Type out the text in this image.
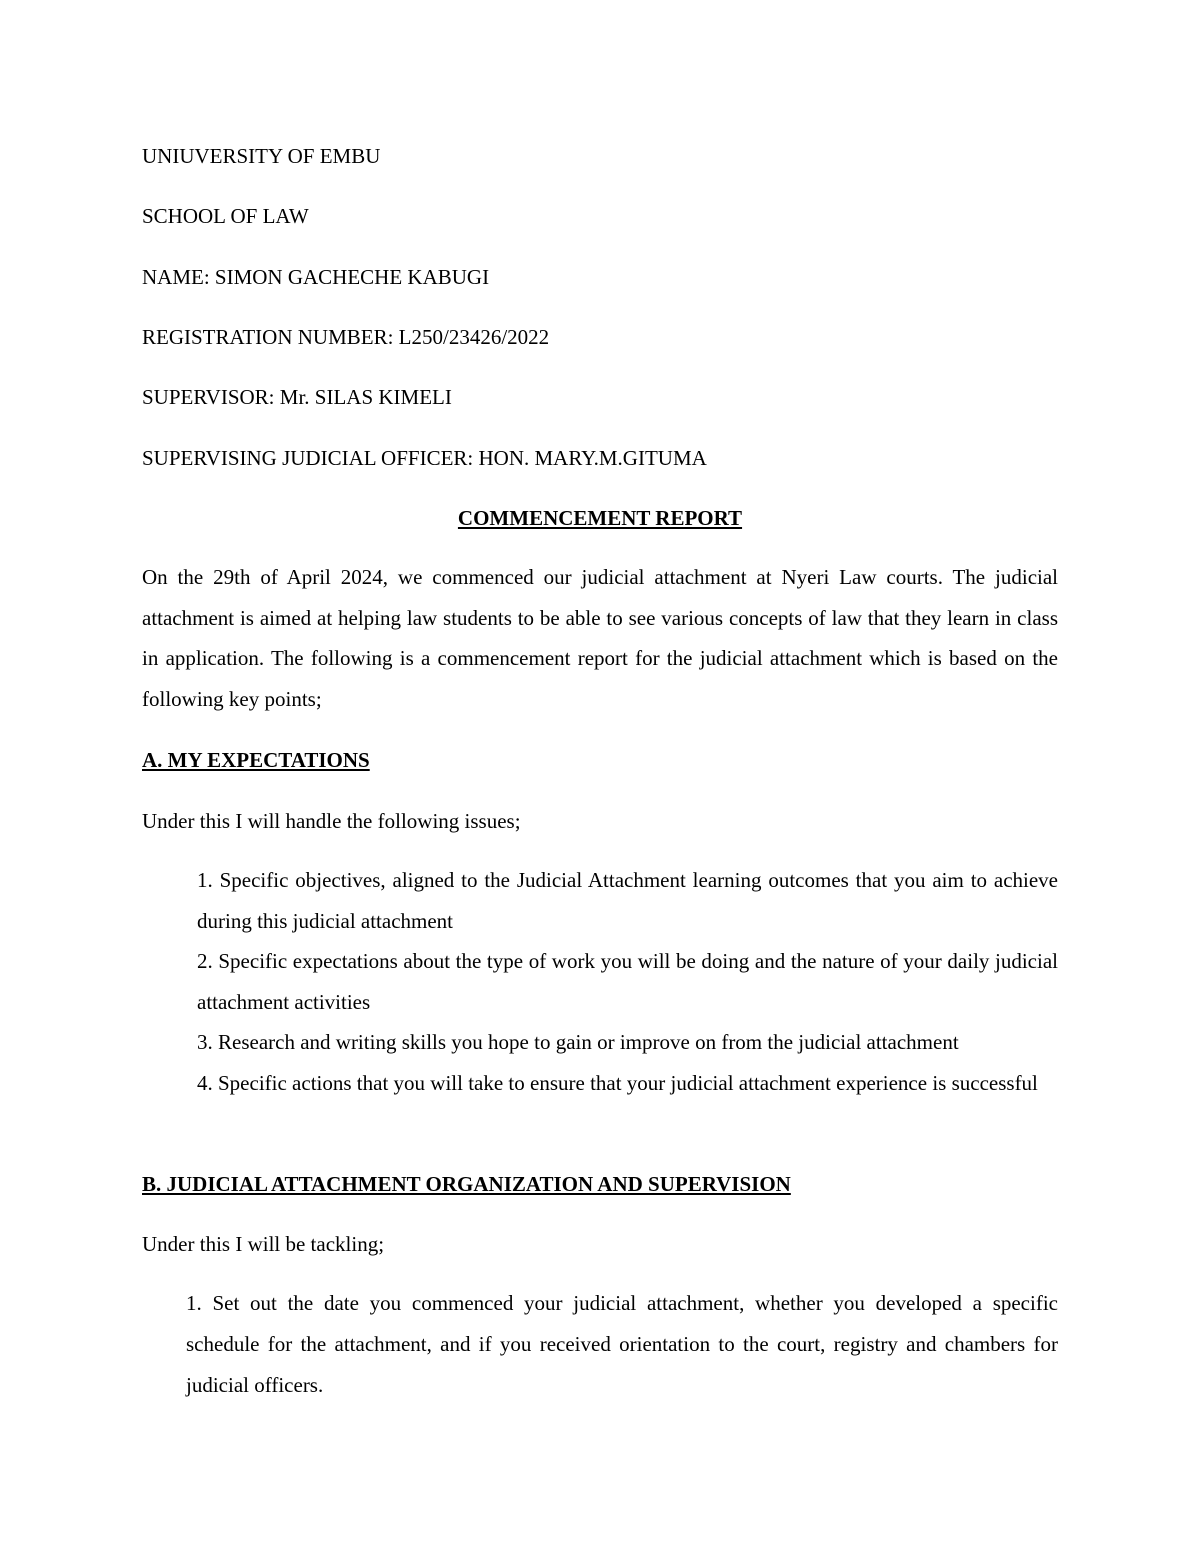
UNIUVERSITY OF EMBU
SCHOOL OF LAW
NAME: SIMON GACHECHE KABUGI
REGISTRATION NUMBER: L250/23426/2022
SUPERVISOR: Mr. SILAS KIMELI
SUPERVISING JUDICIAL OFFICER: HON. MARY.M.GITUMA
COMMENCEMENT REPORT
On the 29th of April 2024, we commenced our judicial attachment at Nyeri Law courts. The judicial attachment is aimed at helping law students to be able to see various concepts of law that they learn in class in application. The following is a commencement report for the judicial attachment which is based on the following key points;
A. MY EXPECTATIONS
Under this I will handle the following issues;
1. Specific objectives, aligned to the Judicial Attachment learning outcomes that you aim to achieve during this judicial attachment
2. Specific expectations about the type of work you will be doing and the nature of your daily judicial attachment activities
3. Research and writing skills you hope to gain or improve on from the judicial attachment
4. Specific actions that you will take to ensure that your judicial attachment experience is successful
B. JUDICIAL ATTACHMENT ORGANIZATION AND SUPERVISION
Under this I will be tackling;
1. Set out the date you commenced your judicial attachment, whether you developed a specific schedule for the attachment, and if you received orientation to the court, registry and chambers for judicial officers.
